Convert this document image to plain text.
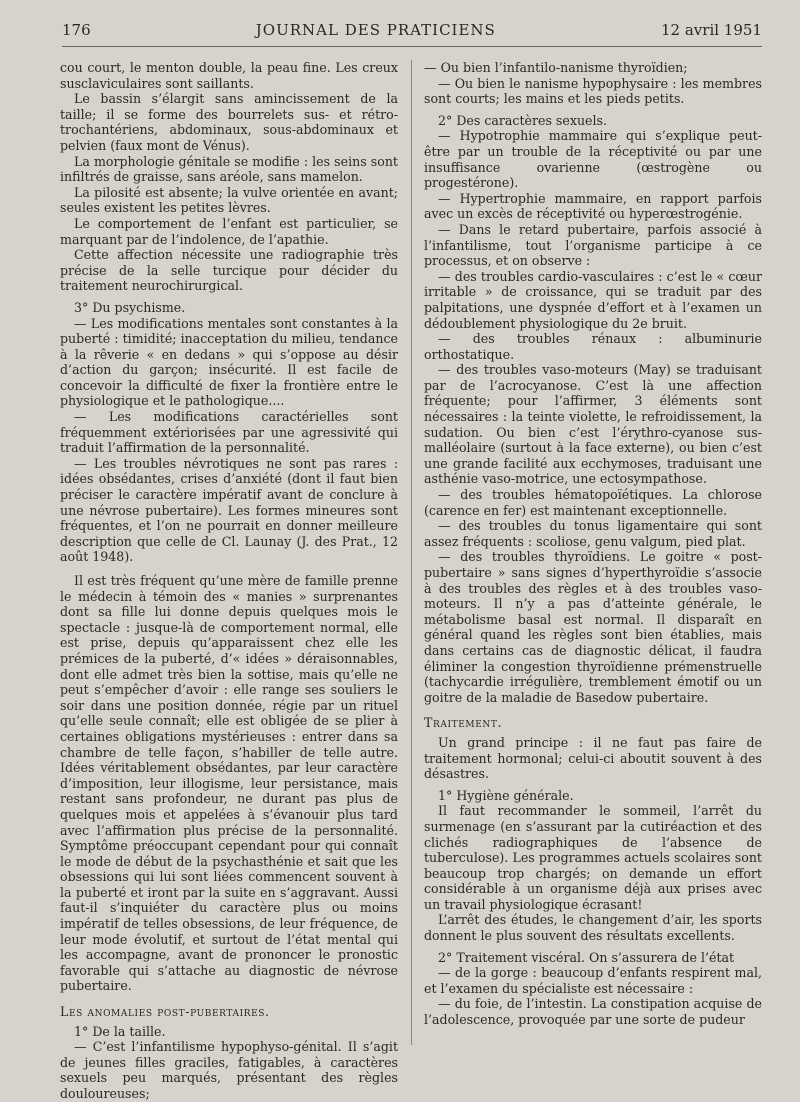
176	JOURNAL DES PRATICIENS	12 avril 1951

cou court, le menton double, la peau fine. Les creux susclaviculaires sont saillants.

Le bassin s’élargit sans amincissement de la taille; il se forme des bourrelets sus- et rétro-trochantériens, abdominaux, sous-abdominaux et pelvien (faux mont de Vénus).

La morphologie génitale se modifie : les seins sont infiltrés de graisse, sans aréole, sans mamelon.

La pilosité est absente; la vulve orientée en avant; seules existent les petites lèvres.

Le comportement de l’enfant est particulier, se marquant par de l’indolence, de l’apathie.

Cette affection nécessite une radiographie très précise de la selle turcique pour décider du traitement neurochirurgical.

3° Du psychisme.

— Les modifications mentales sont constantes à la puberté : timidité; inacceptation du milieu, tendance à la rêverie « en dedans » qui s’oppose au désir d’action du garçon; insécurité. Il est facile de concevoir la difficulté de fixer la frontière entre le physiologique et le pathologique....

— Les modifications caractérielles sont fréquemment extériorisées par une agressivité qui traduit l’affirmation de la personnalité.

— Les troubles névrotiques ne sont pas rares : idées obsédantes, crises d’anxiété (dont il faut bien préciser le caractère impératif avant de conclure à une névrose pubertaire). Les formes mineures sont fréquentes, et l’on ne pourrait en donner meilleure description que celle de Cl. Launay (J. des Prat., 12 août 1948).

Il est très fréquent qu’une mère de famille prenne le médecin à témoin des « manies » surprenantes dont sa fille lui donne depuis quelques mois le spectacle : jusque-là de comportement normal, elle est prise, depuis qu’apparaissent chez elle les prémices de la puberté, d’« idées » déraisonnables, dont elle admet très bien la sottise, mais qu’elle ne peut s’empêcher d’avoir : elle range ses souliers le soir dans une position donnée, régie par un rituel qu’elle seule connaît; elle est obligée de se plier à certaines obligations mystérieuses : entrer dans sa chambre de telle façon, s’habiller de telle autre. Idées véritablement obsédantes, par leur caractère d’imposition, leur illogisme, leur persistance, mais restant sans profondeur, ne durant pas plus de quelques mois et appelées à s’évanouir plus tard avec l’affirmation plus précise de la personnalité. Symptôme préoccupant cependant pour qui connaît le mode de début de la psychasthénie et sait que les obsessions qui lui sont liées commencent souvent à la puberté et iront par la suite en s’aggravant. Aussi faut-il s’inquiéter du caractère plus ou moins impératif de telles obsessions, de leur fréquence, de leur mode évolutif, et surtout de l’état mental qui les accompagne, avant de prononcer le pronostic favorable qui s’attache au diagnostic de névrose pubertaire.

Les anomalies post-pubertaires.

1° De la taille.

— C’est l’infantilisme hypophyso-génital. Il s’agit de jeunes filles graciles, fatigables, à caractères sexuels peu marqués, présentant des règles douloureuses;

— Ou bien l’infantilo-nanisme thyroïdien;

— Ou bien le nanisme hypophysaire : les membres sont courts; les mains et les pieds petits.

2° Des caractères sexuels.

— Hypotrophie mammaire qui s’explique peut-être par un trouble de la réceptivité ou par une insuffisance ovarienne (œstrogène ou progestérone).

— Hypertrophie mammaire, en rapport parfois avec un excès de réceptivité ou hyperœstrogénie.

— Dans le retard pubertaire, parfois associé à l’infantilisme, tout l’organisme participe à ce processus, et on observe :

— des troubles cardio-vasculaires : c’est le « cœur irritable » de croissance, qui se traduit par des palpitations, une dyspnée d’effort et à l’examen un dédoublement physiologique du 2e bruit.

— des troubles rénaux : albuminurie orthostatique.

— des troubles vaso-moteurs (May) se traduisant par de l’acrocyanose. C’est là une affection fréquente; pour l’affirmer, 3 éléments sont nécessaires : la teinte violette, le refroidissement, la sudation. Ou bien c’est l’érythro-cyanose sus-malléolaire (surtout à la face externe), ou bien c’est une grande facilité aux ecchymoses, traduisant une asthénie vaso-motrice, une ectosympathose.

— des troubles hématopoïétiques. La chlorose (carence en fer) est maintenant exceptionnelle.

— des troubles du tonus ligamentaire qui sont assez fréquents : scoliose, genu valgum, pied plat.

— des troubles thyroïdiens. Le goitre « post-pubertaire » sans signes d’hyperthyroïdie s’associe à des troubles des règles et à des troubles vaso-moteurs. Il n’y a pas d’atteinte générale, le métabolisme basal est normal. Il disparaît en général quand les règles sont bien établies, mais dans certains cas de diagnostic délicat, il faudra éliminer la congestion thyroïdienne prémenstruelle (tachycardie irrégulière, tremblement émotif ou un goitre de la maladie de Basedow pubertaire.

Traitement.

Un grand principe : il ne faut pas faire de traitement hormonal; celui-ci aboutit souvent à des désastres.

1° Hygiène générale.

Il faut recommander le sommeil, l’arrêt du surmenage (en s’assurant par la cutiréaction et des clichés radiographiques de l’absence de tuberculose). Les programmes actuels scolaires sont beaucoup trop chargés; on demande un effort considérable à un organisme déjà aux prises avec un travail physiologique écrasant!

L’arrêt des études, le changement d’air, les sports donnent le plus souvent des résultats excellents.

2° Traitement viscéral. On s’assurera de l’état

— de la gorge : beaucoup d’enfants respirent mal, et l’examen du spécialiste est nécessaire :

— du foie, de l’intestin. La constipation acquise de l’adolescence, provoquée par une sorte de pudeur
